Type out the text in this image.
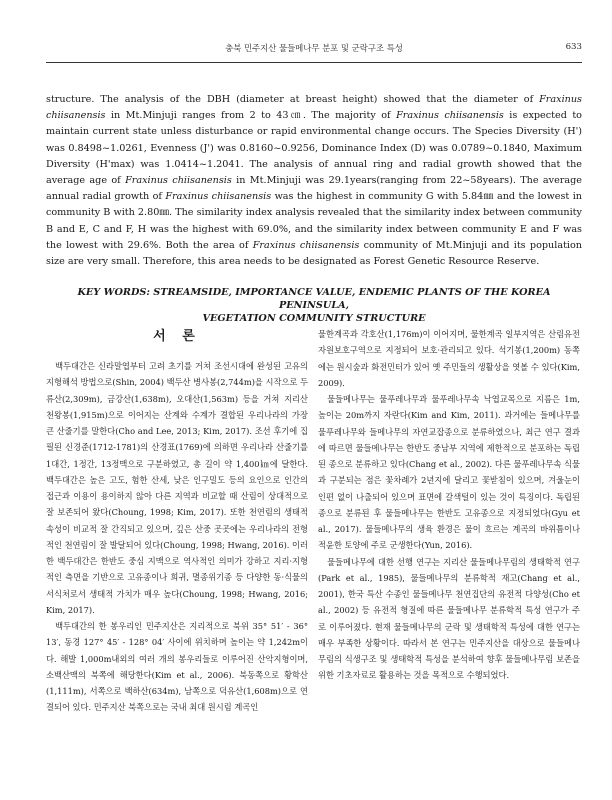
충북 민주지산 물들메나무 분포 및 군락구조 특성	633

structure. The analysis of the DBH (diameter at breast height) showed that the diameter of Fraxinus chiisanensis in Mt.Minjuji ranges from 2 to 43㎝. The majority of Fraxinus chiisanensis is expected to maintain current state unless disturbance or rapid environmental change occurs. The Species Diversity (H') was 0.8498~1.0261, Evenness (J') was 0.8160~0.9256, Dominance Index (D) was 0.0789~0.1840, Maximum Diversity (H'max) was 1.0414~1.2041. The analysis of annual ring and radial growth showed that the average age of Fraxinus chiisanensis in Mt.Minjuji was 29.1years(ranging from 22~58years). The average annual radial growth of Fraxinus chiisanensis was the highest in community G with 5.84㎜ and the lowest in community B with 2.80㎜. The similarity index analysis revealed that the similarity index between community B and E, C and F, H was the highest with 69.0%, and the similarity index between community E and F was the lowest with 29.6%. Both the area of Fraxinus chiisanensis community of Mt.Minjuji and its population size are very small. Therefore, this area needs to be designated as Forest Genetic Resource Reserve.

KEY WORDS: STREAMSIDE, IMPORTANCE VALUE, ENDEMIC PLANTS OF THE KOREA PENINSULA,
VEGETATION COMMUNITY STRUCTURE
서 론

백두대간은 신라말엽부터 고려 초기를 거쳐 조선시대에 완성된 고유의 지형해석 방법으로(Shin, 2004) 백두산 병사봉(2,744m)을 시작으로 두류산(2,309m), 금강산(1,638m), 오대산(1,563m) 등을 거쳐 지리산 천왕봉(1,915m)으로 이어지는 산계와 수계가 결합된 우리나라의 가장 큰 산줄기를 말한다(Cho and Lee, 2013; Kim, 2017). 조선 후기에 집필된 신경준(1712-1781)의 산경표(1769)에 의하면 우리나라 산줄기를 1대간, 1정간, 13정맥으로 구분하였고, 총 길이 약 1,400㎞에 달한다. 백두대간은 높은 고도, 험한 산세, 낮은 인구밀도 등의 요인으로 인간의 접근과 이용이 용이하지 않아 다른 지역과 비교할 때 산림이 상대적으로 잘 보존되어 왔다(Choung, 1998; Kim, 2017). 또한 천연림의 생태적 속성이 비교적 잘 간직되고 있으며, 깊은 산중 곳곳에는 우리나라의 전형적인 천연림이 잘 발달되어 있다(Choung, 1998; Hwang, 2016). 이러한 백두대간은 한반도 중심 지맥으로 역사적인 의미가 강하고 지리·지형적인 측면을 기반으로 고유종이나 희귀, 멸종위기종 등 다양한 동·식물의 서식처로서 생태적 가치가 매우 높다(Choung, 1998; Hwang, 2016; Kim, 2017).

백두대간의 한 봉우리인 민주지산은 지리적으로 북위 35° 51′ - 36° 13′, 동경 127° 45′ - 128° 04′ 사이에 위치하며 높이는 약 1,242m이다. 해발 1,000m내외의 여러 개의 봉우리들로 이루어진 산악지형이며, 소백산맥의 북쪽에 해당한다(Kim et al., 2006). 북동쪽으로 황학산(1,111m), 서쪽으로 백하산(634m), 남쪽으로 덕유산(1,608m)으로 연결되어 있다. 민주지산 북쪽으로는 국내 최대 원시림 계곡인

물한계곡과 각호산(1,176m)이 이어지며, 물한계곡 일부지역은 산림유전자원보호구역으로 지정되어 보호·관리되고 있다. 석기봉(1,200m) 동쪽에는 원시숲과 화전민터가 있어 옛 주민들의 생활상을 엿볼 수 있다(Kim, 2009).

물들메나무는 물푸레나무과 물푸레나무속 낙엽교목으로 지름은 1m, 높이는 20m까지 자란다(Kim and Kim, 2011). 과거에는 들메나무를 물푸레나무와 들메나무의 자연교잡종으로 분류하였으나, 최근 연구 결과에 따르면 물들메나무는 한반도 중남부 지역에 제한적으로 분포하는 독립된 종으로 분류하고 있다(Chang et al., 2002). 다른 물푸레나무속 식물과 구분되는 점은 꽃차례가 2년지에 달리고 꽃받침이 있으며, 겨울눈이 인편 없이 나출되어 있으며 표면에 갈색털이 있는 것이 특징이다. 독립된 종으로 분류된 후 물들메나무는 한반도 고유종으로 지정되었다(Gyu et al., 2017). 물들메나무의 생육 환경은 물이 흐르는 계곡의 바위틈이나 적윤한 토양에 주로 군생한다(Yun, 2016).

물들메나무에 대한 선행 연구는 지리산 물들메나무림의 생태학적 연구(Park et al., 1985), 물들메나무의 분류학적 재고(Chang et al., 2001), 한국 특산 수종인 물들메나무 천연집단의 유전적 다양성(Cho et al., 2002) 등 유전적 형질에 따른 물들메나무 분류학적 특성 연구가 주로 이루어졌다. 현재 물들메나무의 군락 및 생태학적 특성에 대한 연구는 매우 부족한 상황이다. 따라서 본 연구는 민주지산을 대상으로 물들메나무림의 식생구조 및 생태학적 특성을 분석하여 향후 물들메나무림 보존을 위한 기초자료로 활용하는 것을 목적으로 수행되었다.
